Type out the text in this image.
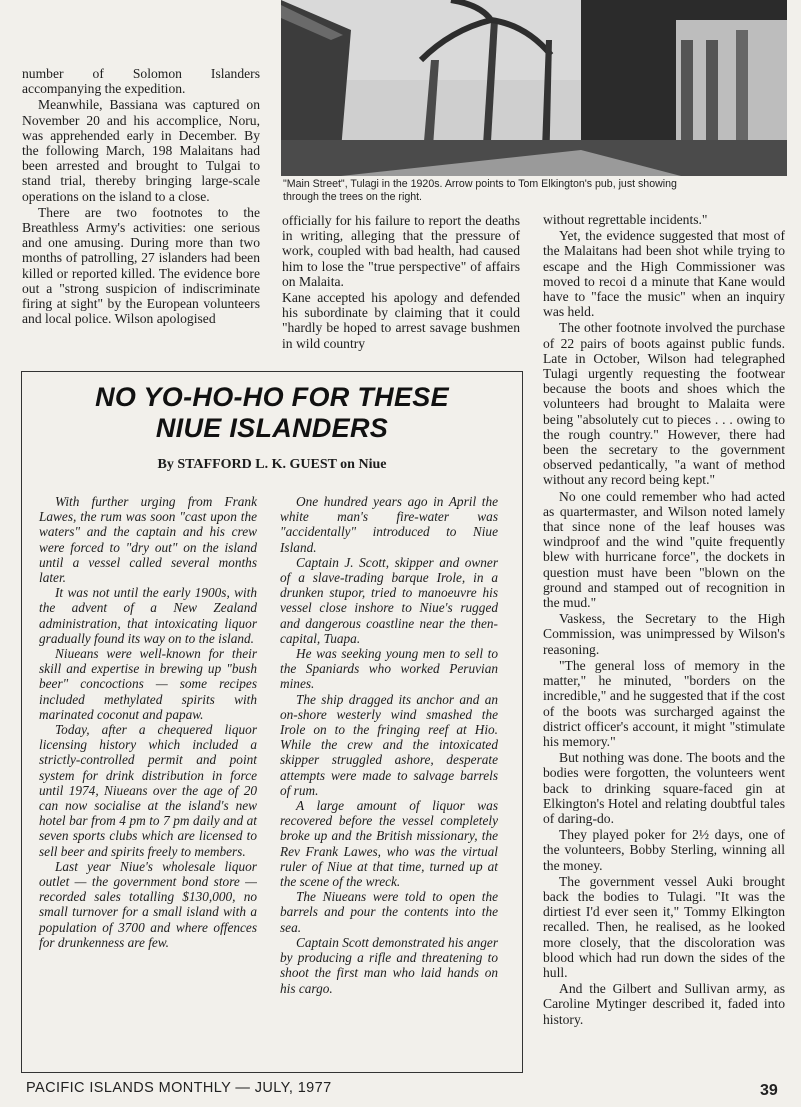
"Main Street", Tulagi in the 1920s. Arrow points to Tom Elkington's pub, just showing
through the trees on the right.

number of Solomon Islanders accompanying the expedition.

Meanwhile, Bassiana was captured on November 20 and his accomplice, Noru, was apprehended early in December. By the following March, 198 Malaitans had been arrested and brought to Tulgai to stand trial, thereby bringing large-scale operations on the island to a close.

There are two footnotes to the Breathless Army's activities: one serious and one amusing. During more than two months of patrolling, 27 islanders had been killed or reported killed. The evidence bore out a "strong suspicion of indiscriminate firing at sight" by the European volunteers and local police. Wilson apologised

officially for his failure to report the deaths in writing, alleging that the pressure of work, coupled with bad health, had caused him to lose the "true perspective" of affairs on Malaita.

Kane accepted his apology and defended his subordinate by claiming that it could "hardly be hoped to arrest savage bushmen in wild country

without regrettable incidents."

Yet, the evidence suggested that most of the Malaitans had been shot while trying to escape and the High Commissioner was moved to recoi d a minute that Kane would have to "face the music" when an inquiry was held.

The other footnote involved the purchase of 22 pairs of boots against public funds. Late in October, Wilson had telegraphed Tulagi urgently requesting the footwear because the boots and shoes which the volunteers had brought to Malaita were being "absolutely cut to pieces . . . owing to the rough country." However, there had been the secretary to the government observed pedantically, "a want of method without any record being kept."

No one could remember who had acted as quartermaster, and Wilson noted lamely that since none of the leaf houses was windproof and the wind "quite frequently blew with hurricane force", the dockets in question must have been "blown on the ground and stamped out of recognition in the mud."

Vaskess, the Secretary to the High Commission, was unimpressed by Wilson's reasoning.

"The general loss of memory in the matter," he minuted, "borders on the incredible," and he suggested that if the cost of the boots was surcharged against the district officer's account, it might "stimulate his memory."

But nothing was done. The boots and the bodies were forgotten, the volunteers went back to drinking square-faced gin at Elkington's Hotel and relating doubtful tales of daring-do.

They played poker for 2½ days, one of the volunteers, Bobby Sterling, winning all the money.

The government vessel Auki brought back the bodies to Tulagi. "It was the dirtiest I'd ever seen it," Tommy Elkington recalled. Then, he realised, as he looked more closely, that the discoloration was blood which had run down the sides of the hull.

And the Gilbert and Sullivan army, as Caroline Mytinger described it, faded into history.

NO YO-HO-HO FOR THESE
NIUE ISLANDERS
By STAFFORD L. K. GUEST on Niue

With further urging from Frank Lawes, the rum was soon "cast upon the waters" and the captain and his crew were forced to "dry out" on the island until a vessel called several months later.

It was not until the early 1900s, with the advent of a New Zealand administration, that intoxicating liquor gradually found its way on to the island.

Niueans were well-known for their skill and expertise in brewing up "bush beer" concoctions — some recipes included methylated spirits with marinated coconut and papaw.

Today, after a chequered liquor licensing history which included a strictly-controlled permit and point system for drink distribution in force until 1974, Niueans over the age of 20 can now socialise at the island's new hotel bar from 4 pm to 7 pm daily and at seven sports clubs which are licensed to sell beer and spirits freely to members.

Last year Niue's wholesale liquor outlet — the government bond store — recorded sales totalling $130,000, no small turnover for a small island with a population of 3700 and where offences for drunkenness are few.

One hundred years ago in April the white man's fire-water was "accidentally" introduced to Niue Island.

Captain J. Scott, skipper and owner of a slave-trading barque Irole, in a drunken stupor, tried to manoeuvre his vessel close inshore to Niue's rugged and dangerous coastline near the then-capital, Tuapa.

He was seeking young men to sell to the Spaniards who worked Peruvian mines.

The ship dragged its anchor and an on-shore westerly wind smashed the Irole on to the fringing reef at Hio. While the crew and the intoxicated skipper struggled ashore, desperate attempts were made to salvage barrels of rum.

A large amount of liquor was recovered before the vessel completely broke up and the British missionary, the Rev Frank Lawes, who was the virtual ruler of Niue at that time, turned up at the scene of the wreck.

The Niueans were told to open the barrels and pour the contents into the sea.

Captain Scott demonstrated his anger by producing a rifle and threatening to shoot the first man who laid hands on his cargo.

PACIFIC ISLANDS MONTHLY — JULY, 1977	39
